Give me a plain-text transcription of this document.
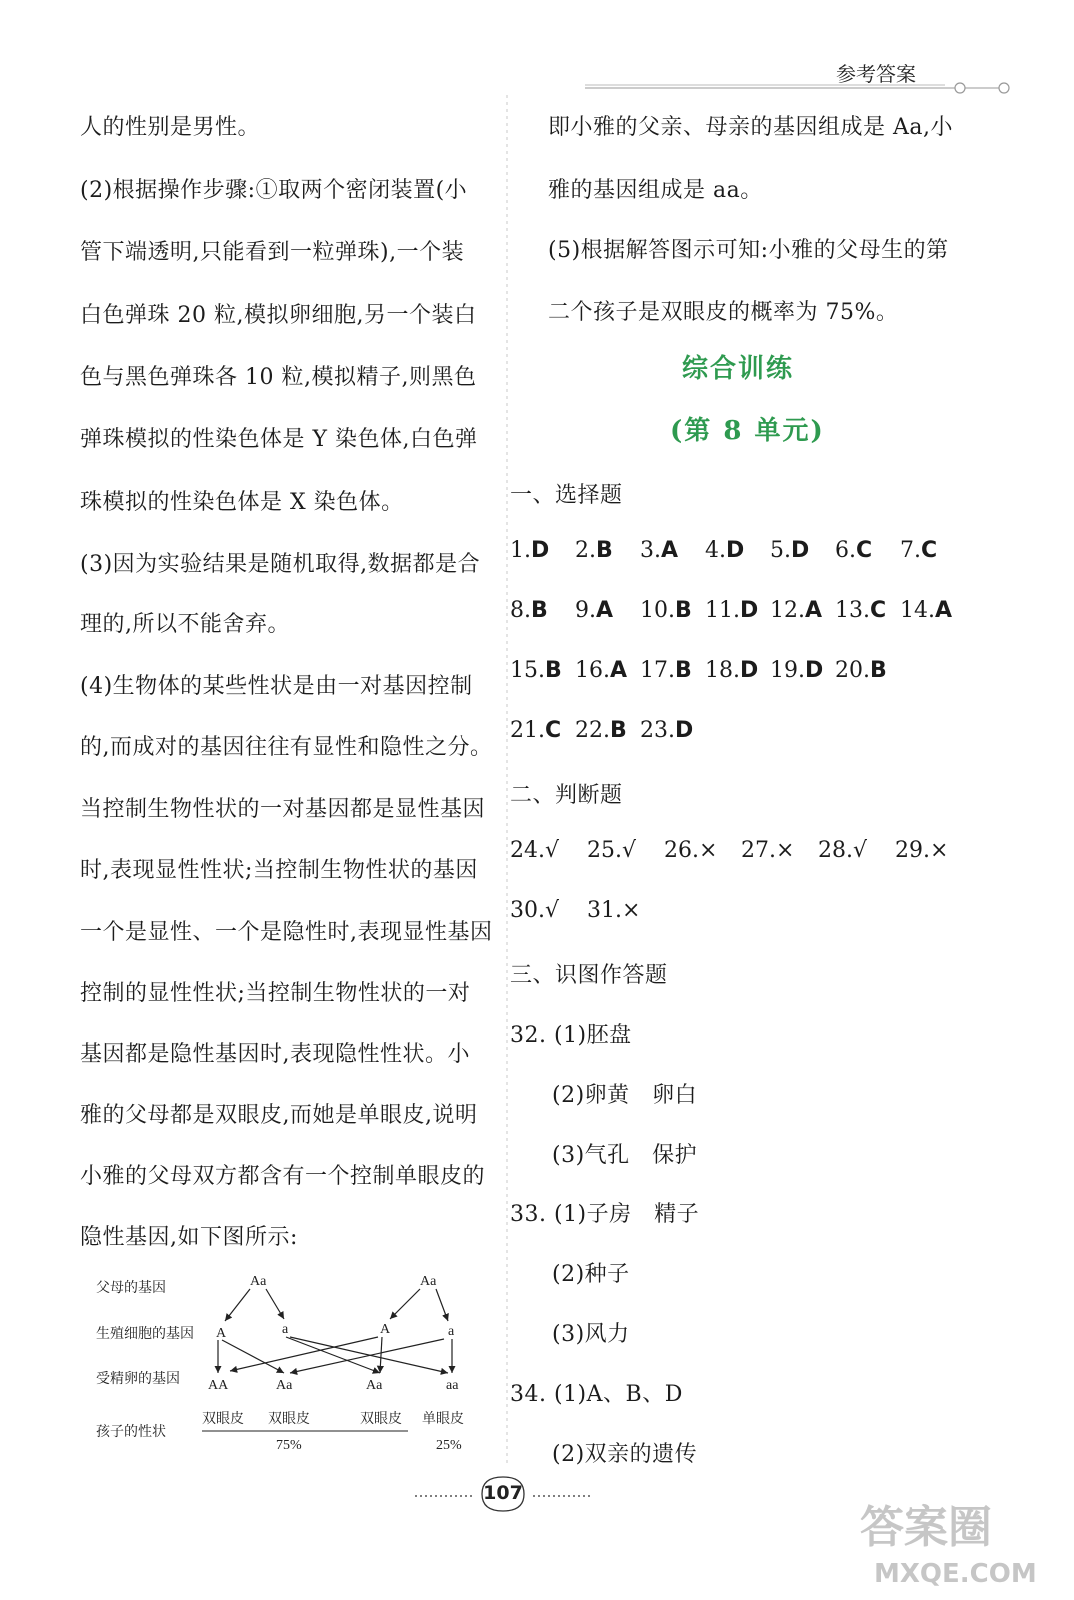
参考答案
人的性别是男性。
(2)根据操作步骤:①取两个密闭装置(小
管下端透明,只能看到一粒弹珠),一个装
白色弹珠 20 粒,模拟卵细胞,另一个装白
色与黑色弹珠各 10 粒,模拟精子,则黑色
弹珠模拟的性染色体是 Y 染色体,白色弹
珠模拟的性染色体是 X 染色体。
(3)因为实验结果是随机取得,数据都是合
理的,所以不能舍弃。
(4)生物体的某些性状是由一对基因控制
的,而成对的基因往往有显性和隐性之分。
当控制生物性状的一对基因都是显性基因
时,表现显性性状;当控制生物性状的基因
一个是显性、一个是隐性时,表现显性基因
控制的显性性状;当控制生物性状的一对
基因都是隐性基因时,表现隐性性状。小
雅的父母都是双眼皮,而她是单眼皮,说明
小雅的父母双方都含有一个控制单眼皮的
隐性基因,如下图所示:
父母的基因
生殖细胞的基因
受精卵的基因
孩子的性状
Aa	Aa
A	a	A	a
AA	Aa	Aa	aa
双眼皮 双眼皮	双眼皮 单眼皮
75%	25%
即小雅的父亲、母亲的基因组成是 Aa,小
雅的基因组成是 aa。
(5)根据解答图示可知:小雅的父母生的第
二个孩子是双眼皮的概率为 75%。
综合训练
(第 8 单元)
一、选择题
1.D 2.B 3.A 4.D 5.D 6.C 7.C
8.B 9.A 10.B 11.D 12.A 13.C 14.A
15.B 16.A 17.B 18.D 19.D 20.B
21.C 22.B 23.D
二、判断题
24.√ 25.√ 26.× 27.× 28.√ 29.×
30.√ 31.×
三、识图作答题
32. (1)胚盘
(2)卵黄　卵白
(3)气孔　保护
33. (1)子房　精子
(2)种子
(3)风力
34. (1)A、B、D
(2)双亲的遗传
107
答案圈
MXQE.COM
